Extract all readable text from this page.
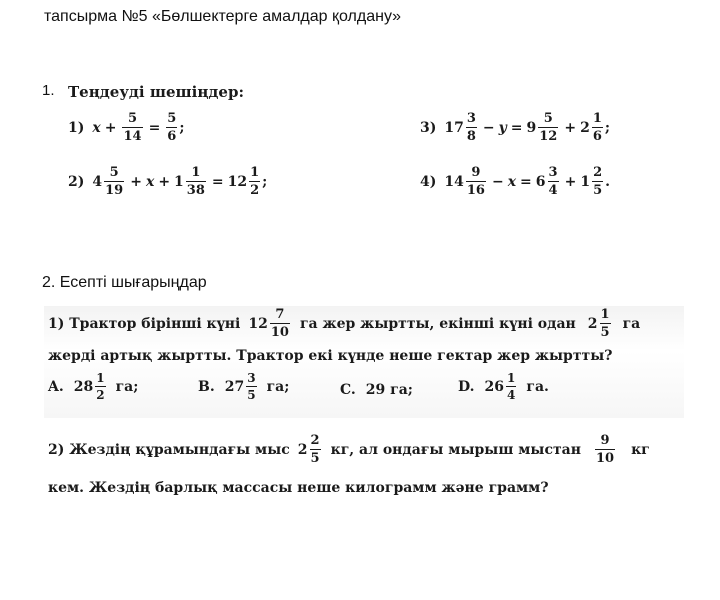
тапсырма №5 «Бөлшектерге амалдар қолдану»
1. Теңдеуді шешіңдер:
1) $x + \frac{5}{14} = \frac{5}{6}$ ;
2) $4 \frac{5}{19} + x + 1 \frac{1}{38} = 12 \frac{1}{2}$ ;
3) $17 \frac{3}{8} - y = 9 \frac{5}{12} + 2 \frac{1}{6}$ ;
4) $14 \frac{9}{16} - x = 6 \frac{3}{4} + 1 \frac{2}{5}$ .
2. Есепті шығарыңдар
1) Трактор бірінші күні $12 \frac{7}{10}$ га жер жыртты, екінші күні одан $2 \frac{1}{5}$ га
жерді артық жыртты. Трактор екі күнде неше гектар жер жыртты?
A. $28 \frac{1}{2}$ га;	B. $27 \frac{3}{5}$ га;	C. 29 га;	D. $26 \frac{1}{4}$ га.
2) Жездің құрамындағы мыс $2 \frac{2}{5}$ кг, ал ондағы мырыш мыстан $\frac{9}{10}$ кг
кем. Жездің барлық массасы неше килограмм және грамм?
